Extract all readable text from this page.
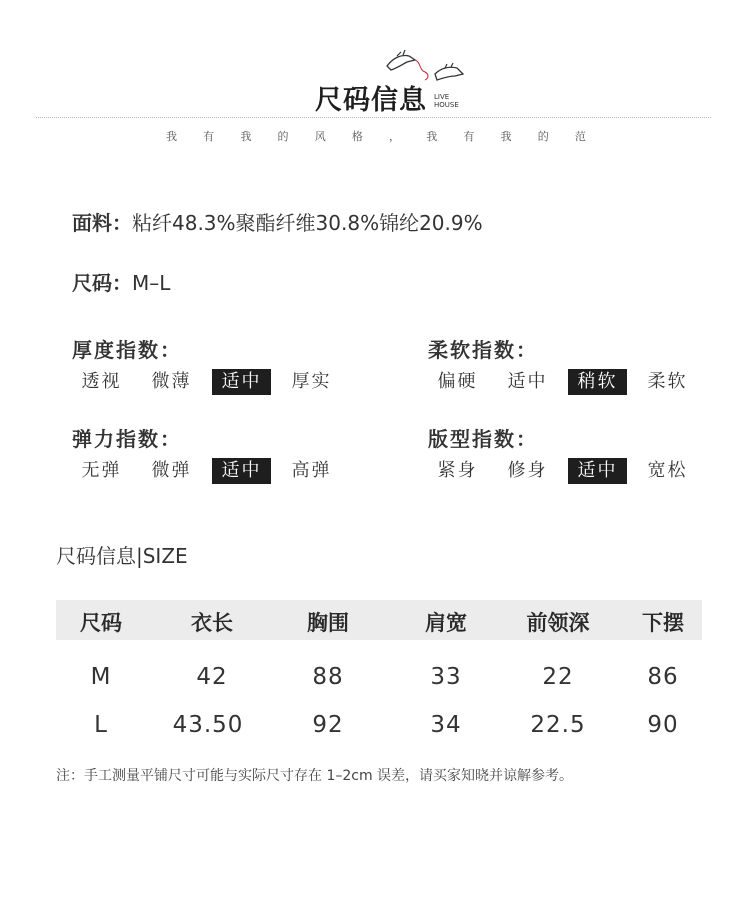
尺码信息 LIVE
HOUSE
我 有 我 的 风 格 ， 我 有 我 的 范
面料：粘纤48.3%聚酯纤维30.8%锦纶20.9%
尺码：M–L
厚度指数：
透视	微薄	适中	厚实
柔软指数：
偏硬	适中	稍软	柔软
弹力指数：
无弹	微弹	适中	高弹
版型指数：
紧身	修身	适中	宽松
尺码信息|SIZE
尺码	衣长	胸围	肩宽	前领深	下摆
M	42	88	33	22	86
L	43.50	92	34	22.5	90
注：手工测量平铺尺寸可能与实际尺寸存在 1–2cm 误差，请买家知晓并谅解参考。
